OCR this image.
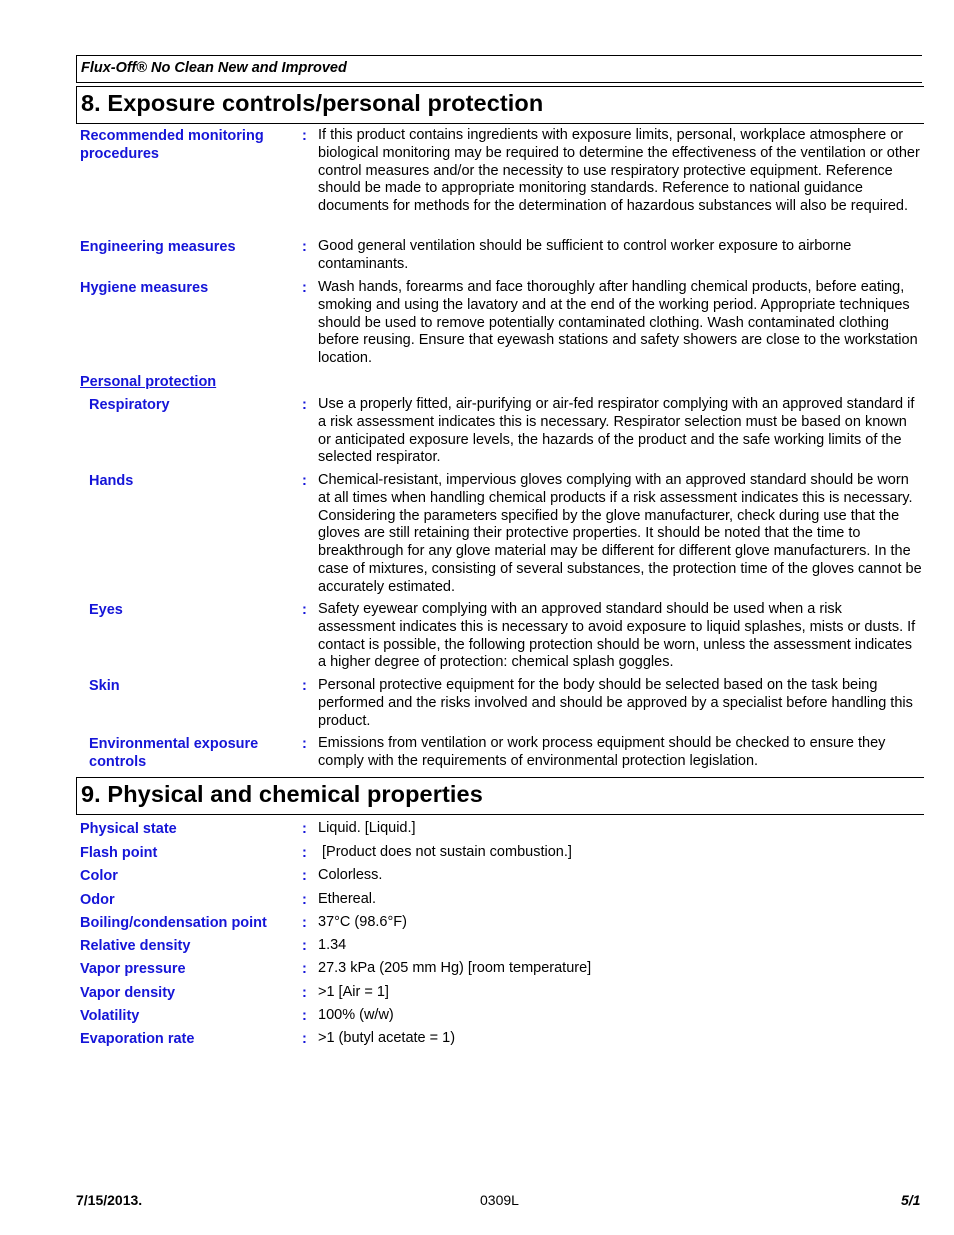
Flux-Off® No Clean New and Improved
8. Exposure controls/personal protection
Recommended monitoring procedures
: If this product contains ingredients with exposure limits, personal, workplace atmosphere or biological monitoring may be required to determine the effectiveness of the ventilation or other control measures and/or the necessity to use respiratory protective equipment. Reference should be made to appropriate monitoring standards. Reference to national guidance documents for methods for the determination of hazardous substances will also be required.
Engineering measures	: Good general ventilation should be sufficient to control worker exposure to airborne contaminants.
Hygiene measures	: Wash hands, forearms and face thoroughly after handling chemical products, before eating, smoking and using the lavatory and at the end of the working period. Appropriate techniques should be used to remove potentially contaminated clothing. Wash contaminated clothing before reusing. Ensure that eyewash stations and safety showers are close to the workstation location.
Personal protection
Respiratory	: Use a properly fitted, air-purifying or air-fed respirator complying with an approved standard if a risk assessment indicates this is necessary. Respirator selection must be based on known or anticipated exposure levels, the hazards of the product and the safe working limits of the selected respirator.
Hands	: Chemical-resistant, impervious gloves complying with an approved standard should be worn at all times when handling chemical products if a risk assessment indicates this is necessary. Considering the parameters specified by the glove manufacturer, check during use that the gloves are still retaining their protective properties. It should be noted that the time to breakthrough for any glove material may be different for different glove manufacturers. In the case of mixtures, consisting of several substances, the protection time of the gloves cannot be accurately estimated.
Eyes	: Safety eyewear complying with an approved standard should be used when a risk assessment indicates this is necessary to avoid exposure to liquid splashes, mists or dusts. If contact is possible, the following protection should be worn, unless the assessment indicates a higher degree of protection: chemical splash goggles.
Skin	: Personal protective equipment for the body should be selected based on the task being performed and the risks involved and should be approved by a specialist before handling this product.
Environmental exposure controls
: Emissions from ventilation or work process equipment should be checked to ensure they comply with the requirements of environmental protection legislation.
9. Physical and chemical properties
Physical state	: Liquid. [Liquid.]
Flash point	: [Product does not sustain combustion.]
Color	: Colorless.
Odor	: Ethereal.
Boiling/condensation point	: 37°C (98.6°F)
Relative density	: 1.34
Vapor pressure	: 27.3 kPa (205 mm Hg) [room temperature]
Vapor density	: >1 [Air = 1]
Volatility	: 100% (w/w)
Evaporation rate	: >1 (butyl acetate = 1)
7/15/2013.	0309L	5/1
